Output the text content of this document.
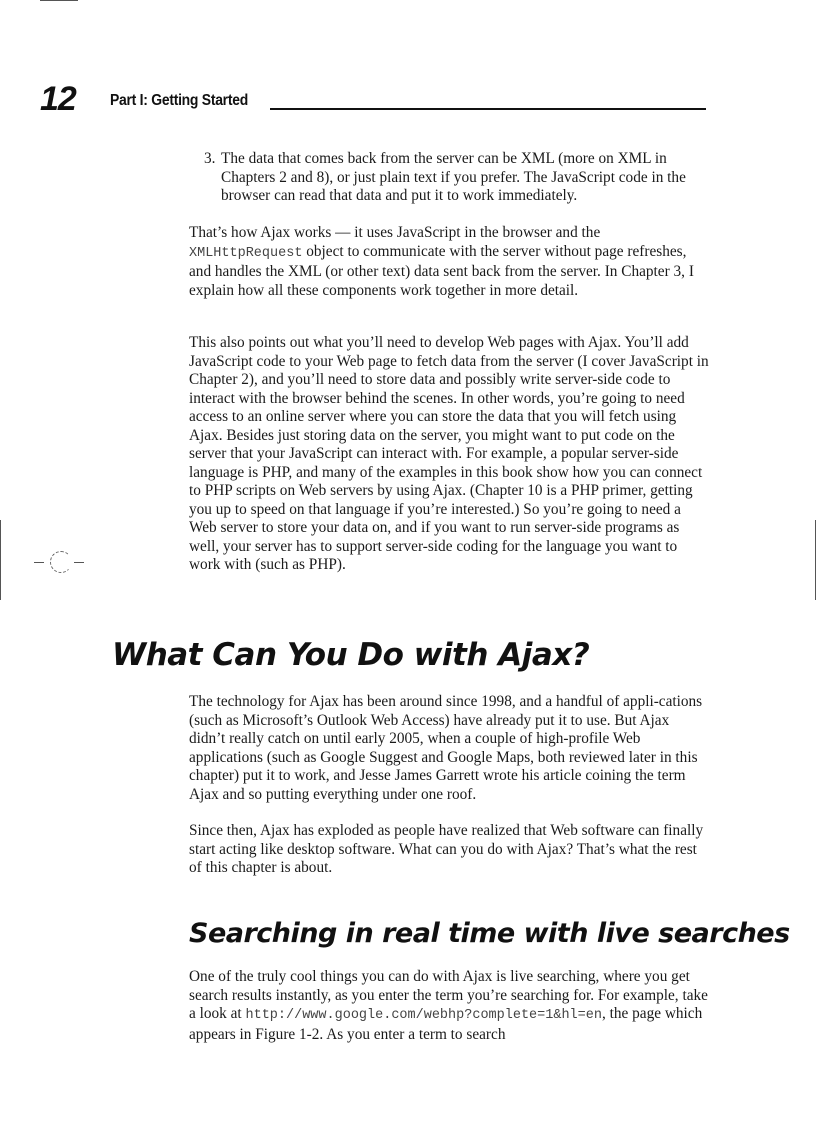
12 Part I: Getting Started
3. The data that comes back from the server can be XML (more on XML in Chapters 2 and 8), or just plain text if you prefer. The JavaScript code in the browser can read that data and put it to work immediately.

That’s how Ajax works — it uses JavaScript in the browser and the XMLHttpRequest object to communicate with the server without page refreshes, and handles the XML (or other text) data sent back from the server. In Chapter 3, I explain how all these components work together in more detail.

This also points out what you’ll need to develop Web pages with Ajax. You’ll add JavaScript code to your Web page to fetch data from the server (I cover JavaScript in Chapter 2), and you’ll need to store data and possibly write server-side code to interact with the browser behind the scenes. In other words, you’re going to need access to an online server where you can store the data that you will fetch using Ajax. Besides just storing data on the server, you might want to put code on the server that your JavaScript can interact with. For example, a popular server-side language is PHP, and many of the examples in this book show how you can connect to PHP scripts on Web servers by using Ajax. (Chapter 10 is a PHP primer, getting you up to speed on that language if you’re interested.) So you’re going to need a Web server to store your data on, and if you want to run server-side programs as well, your server has to support server-side coding for the language you want to work with (such as PHP).

What Can You Do with Ajax?

The technology for Ajax has been around since 1998, and a handful of appli-cations (such as Microsoft’s Outlook Web Access) have already put it to use. But Ajax didn’t really catch on until early 2005, when a couple of high-profile Web applications (such as Google Suggest and Google Maps, both reviewed later in this chapter) put it to work, and Jesse James Garrett wrote his article coining the term Ajax and so putting everything under one roof.

Since then, Ajax has exploded as people have realized that Web software can finally start acting like desktop software. What can you do with Ajax? That’s what the rest of this chapter is about.

Searching in real time with live searches

One of the truly cool things you can do with Ajax is live searching, where you get search results instantly, as you enter the term you’re searching for. For example, take a look at http://www.google.com/webhp?complete=1&hl=en, the page which appears in Figure 1-2. As you enter a term to search
